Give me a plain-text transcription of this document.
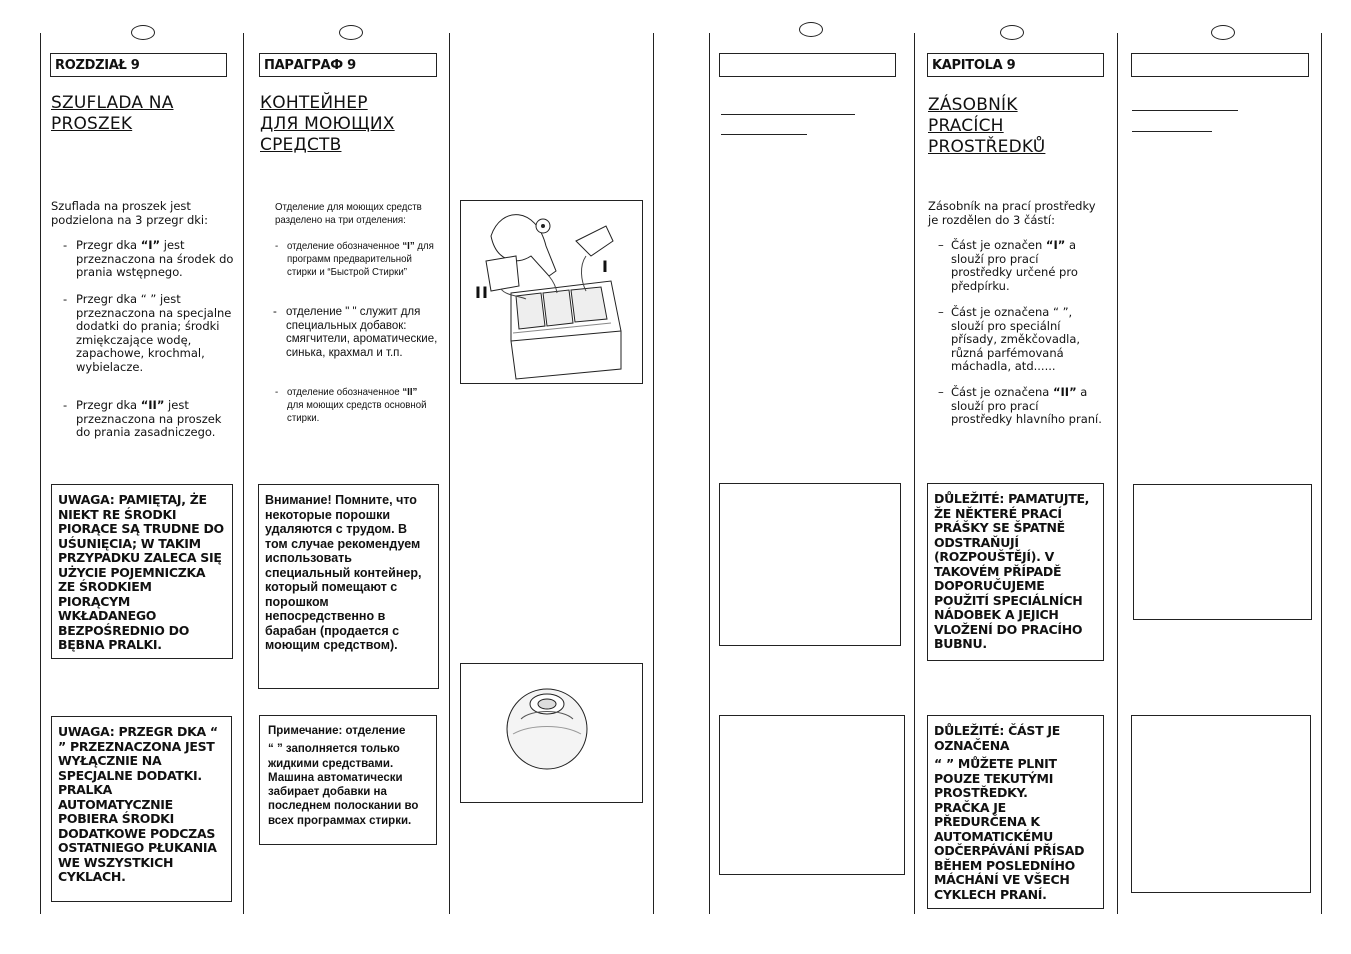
ROZDZIAŁ 9
SZUFLADA NA
PROSZEK
Szuflada na proszek jest podzielona na 3 przegr dki:
- Przegr dka “I” jest przeznaczona na środek do prania wstępnego.
- Przegr dka “ ” jest przeznaczona na specjalne dodatki do prania; środki zmiękczające wodę, zapachowe, krochmal, wybielacze.
- Przegr dka “II” jest przeznaczona na proszek do prania zasadniczego.
UWAGA: PAMIĘTAJ, ŻE NIEKT RE ŚRODKI PIORĄCE SĄ TRUDNE DO UŚUNIĘCIA; W TAKIM PRZYPADKU ZALECA SIĘ UŻYCIE POJEMNICZKA ZE ŚRODKIEM PIORĄCYM WKŁADANEGO BEZPOŚREDNIO DO BĘBNA PRALKI.
UWAGA: PRZEGR DKA “ ” PRZEZNACZONA JEST WYŁĄCZNIE NA SPECJALNE DODATKI. PRALKA AUTOMATYCZNIE POBIERA ŚRODKI DODATKOWE PODCZAS OSTATNIEGO PŁUKANIA WE WSZYSTKICH CYKLACH.
ПАРАГРАФ 9
КОНТЕЙНЕР
ДЛЯ МОЮЩИХ
СРЕДСТВ
Отделение для моющих средств разделено на три отделения:
- отделение обозначенное “I” для программ предварительной стирки и “Быстрой Стирки”
- отделение " " служит для специальных добавок: смягчители, ароматические, синька, крахмал и т.п.
- отделение обозначенное “II” для моющих средств основной стирки.
Внимание! Помните, что некоторые порошки удаляются с трудом. В том случае рекомендуем использовать специальный контейнер, который помещают с порошком непосредственно в барабан (продается с моющим средством).
Примечание: отделение
“ ” заполняется только жидкими средствами. Машина автоматически забирает добавки на последнем полоскании во всех программах стирки.
I
II
KAPITOLA 9
ZÁSOBNÍK
PRACÍCH
PROSTŘEDKŮ
Zásobník na prací prostředky je rozdělen do 3 částí:
– Část je označen “I” a slouží pro prací prostředky určené pro předpírku.
– Část je označena “ ”, slouží pro speciální přísady, změkčovadla, různá parfémovaná máchadla, atd......
– Část je označena “II” a slouží pro prací prostředky hlavního praní.
DŮLEŽITÉ: PAMATUJTE, ŽE NĚKTERÉ PRACÍ PRÁŠKY SE ŠPATNĚ ODSTRAŇUJÍ (ROZPOUŠTĚJÍ). V TAKOVÉM PŘÍPADĚ DOPORUČUJEME POUŽITÍ SPECIÁLNÍCH NÁDOBEK A JEJICH VLOŽENÍ DO PRACÍHO BUBNU.
DŮLEŽITÉ: ČÁST JE OZNAČENA
“ ” MŮŽETE PLNIT POUZE TEKUTÝMI PROSTŘEDKY.
PRAČKA JE PŘEDURČENA K AUTOMATICKÉMU ODČERPÁVÁNÍ PŘÍSAD BĚHEM POSLEDNÍHO MÁCHÁNÍ VE VŠECH CYKLECH PRANÍ.
